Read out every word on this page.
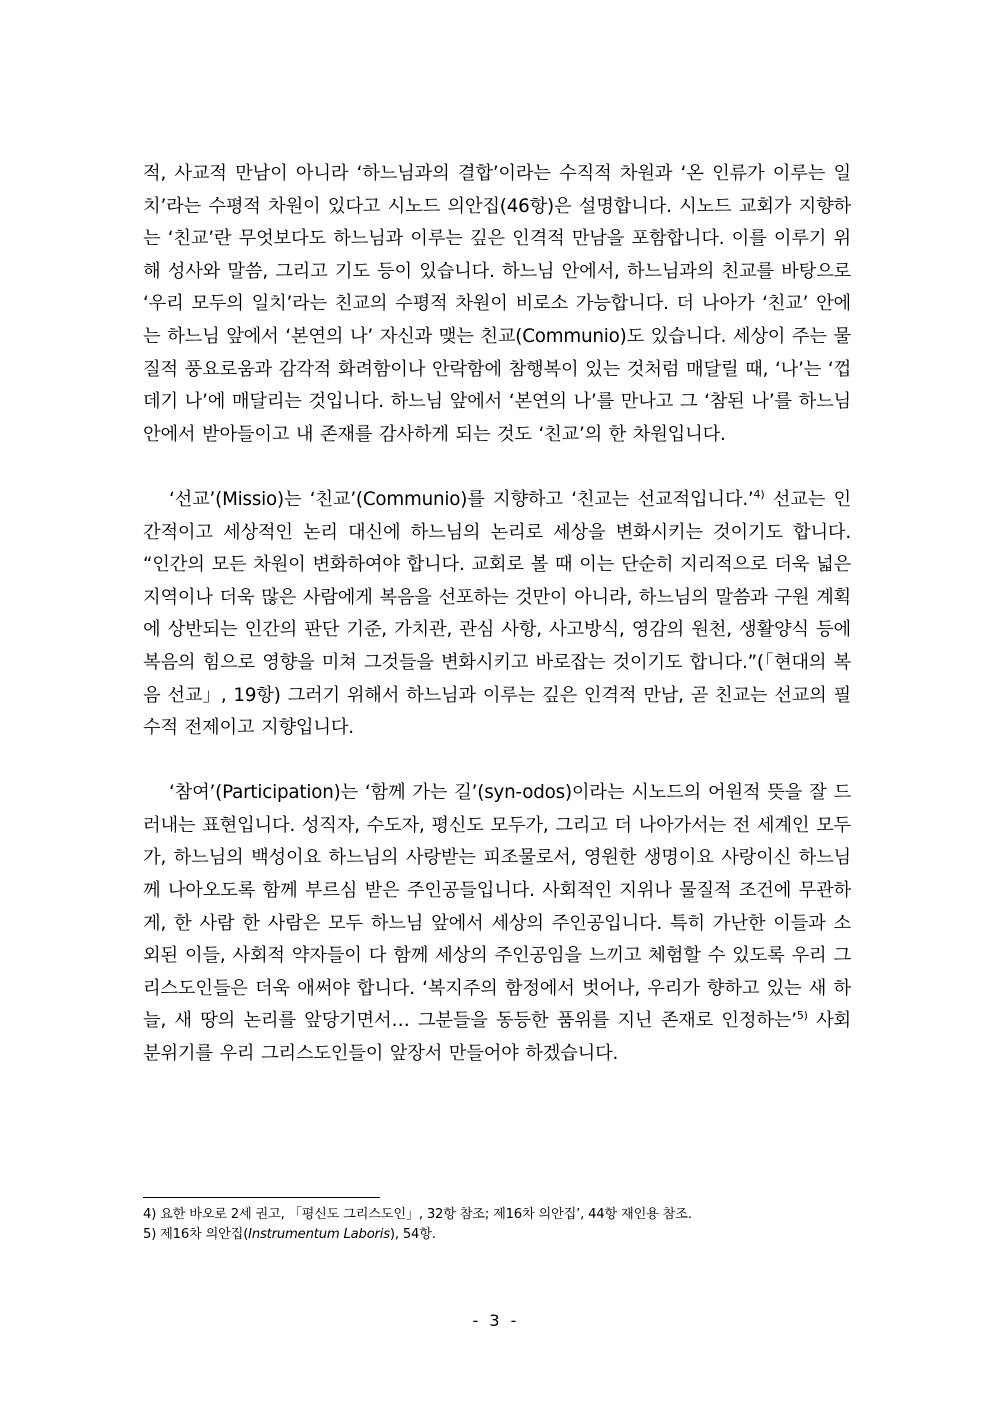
적, 사교적 만남이 아니라 ‘하느님과의 결합’이라는 수직적 차원과 ‘온 인류가 이루는 일치’라는 수평적 차원이 있다고 시노드 의안집(46항)은 설명합니다. 시노드 교회가 지향하는 ‘친교’란 무엇보다도 하느님과 이루는 깊은 인격적 만남을 포함합니다. 이를 이루기 위해 성사와 말씀, 그리고 기도 등이 있습니다. 하느님 안에서, 하느님과의 친교를 바탕으로 ‘우리 모두의 일치’라는 친교의 수평적 차원이 비로소 가능합니다. 더 나아가 ‘친교’ 안에는 하느님 앞에서 ‘본연의 나’ 자신과 맺는 친교(Communio)도 있습니다. 세상이 주는 물질적 풍요로움과 감각적 화려함이나 안락함에 참행복이 있는 것처럼 매달릴 때, ‘나’는 ‘껍데기 나’에 매달리는 것입니다. 하느님 앞에서 ‘본연의 나’를 만나고 그 ‘참된 나’를 하느님 안에서 받아들이고 내 존재를 감사하게 되는 것도 ‘친교’의 한 차원입니다.

‘선교’(Missio)는 ‘친교’(Communio)를 지향하고 ‘친교는 선교적입니다.’$^{4)}$ 선교는 인간적이고 세상적인 논리 대신에 하느님의 논리로 세상을 변화시키는 것이기도 합니다. “인간의 모든 차원이 변화하여야 합니다. 교회로 볼 때 이는 단순히 지리적으로 더욱 넓은 지역이나 더욱 많은 사람에게 복음을 선포하는 것만이 아니라, 하느님의 말씀과 구원 계획에 상반되는 인간의 판단 기준, 가치관, 관심 사항, 사고방식, 영감의 원천, 생활양식 등에 복음의 힘으로 영향을 미쳐 그것들을 변화시키고 바로잡는 것이기도 합니다.”(「현대의 복음 선교」, 19항) 그러기 위해서 하느님과 이루는 깊은 인격적 만남, 곧 친교는 선교의 필수적 전제이고 지향입니다.

‘참여’(Participation)는 ‘함께 가는 길’(syn-odos)이라는 시노드의 어원적 뜻을 잘 드러내는 표현입니다. 성직자, 수도자, 평신도 모두가, 그리고 더 나아가서는 전 세계인 모두가, 하느님의 백성이요 하느님의 사랑받는 피조물로서, 영원한 생명이요 사랑이신 하느님께 나아오도록 함께 부르심 받은 주인공들입니다. 사회적인 지위나 물질적 조건에 무관하게, 한 사람 한 사람은 모두 하느님 앞에서 세상의 주인공입니다. 특히 가난한 이들과 소외된 이들, 사회적 약자들이 다 함께 세상의 주인공임을 느끼고 체험할 수 있도록 우리 그리스도인들은 더욱 애써야 합니다. ‘복지주의 함정에서 벗어나, 우리가 향하고 있는 새 하늘, 새 땅의 논리를 앞당기면서… 그분들을 동등한 품위를 지닌 존재로 인정하는’$^{5)}$ 사회 분위기를 우리 그리스도인들이 앞장서 만들어야 하겠습니다.

4) 요한 바오로 2세 권고, 「평신도 그리스도인」, 32항 참조; 제16차 의안집’, 44항 재인용 참조.

5) 제16차 의안집(Instrumentum Laboris), 54항.

- 3 -
